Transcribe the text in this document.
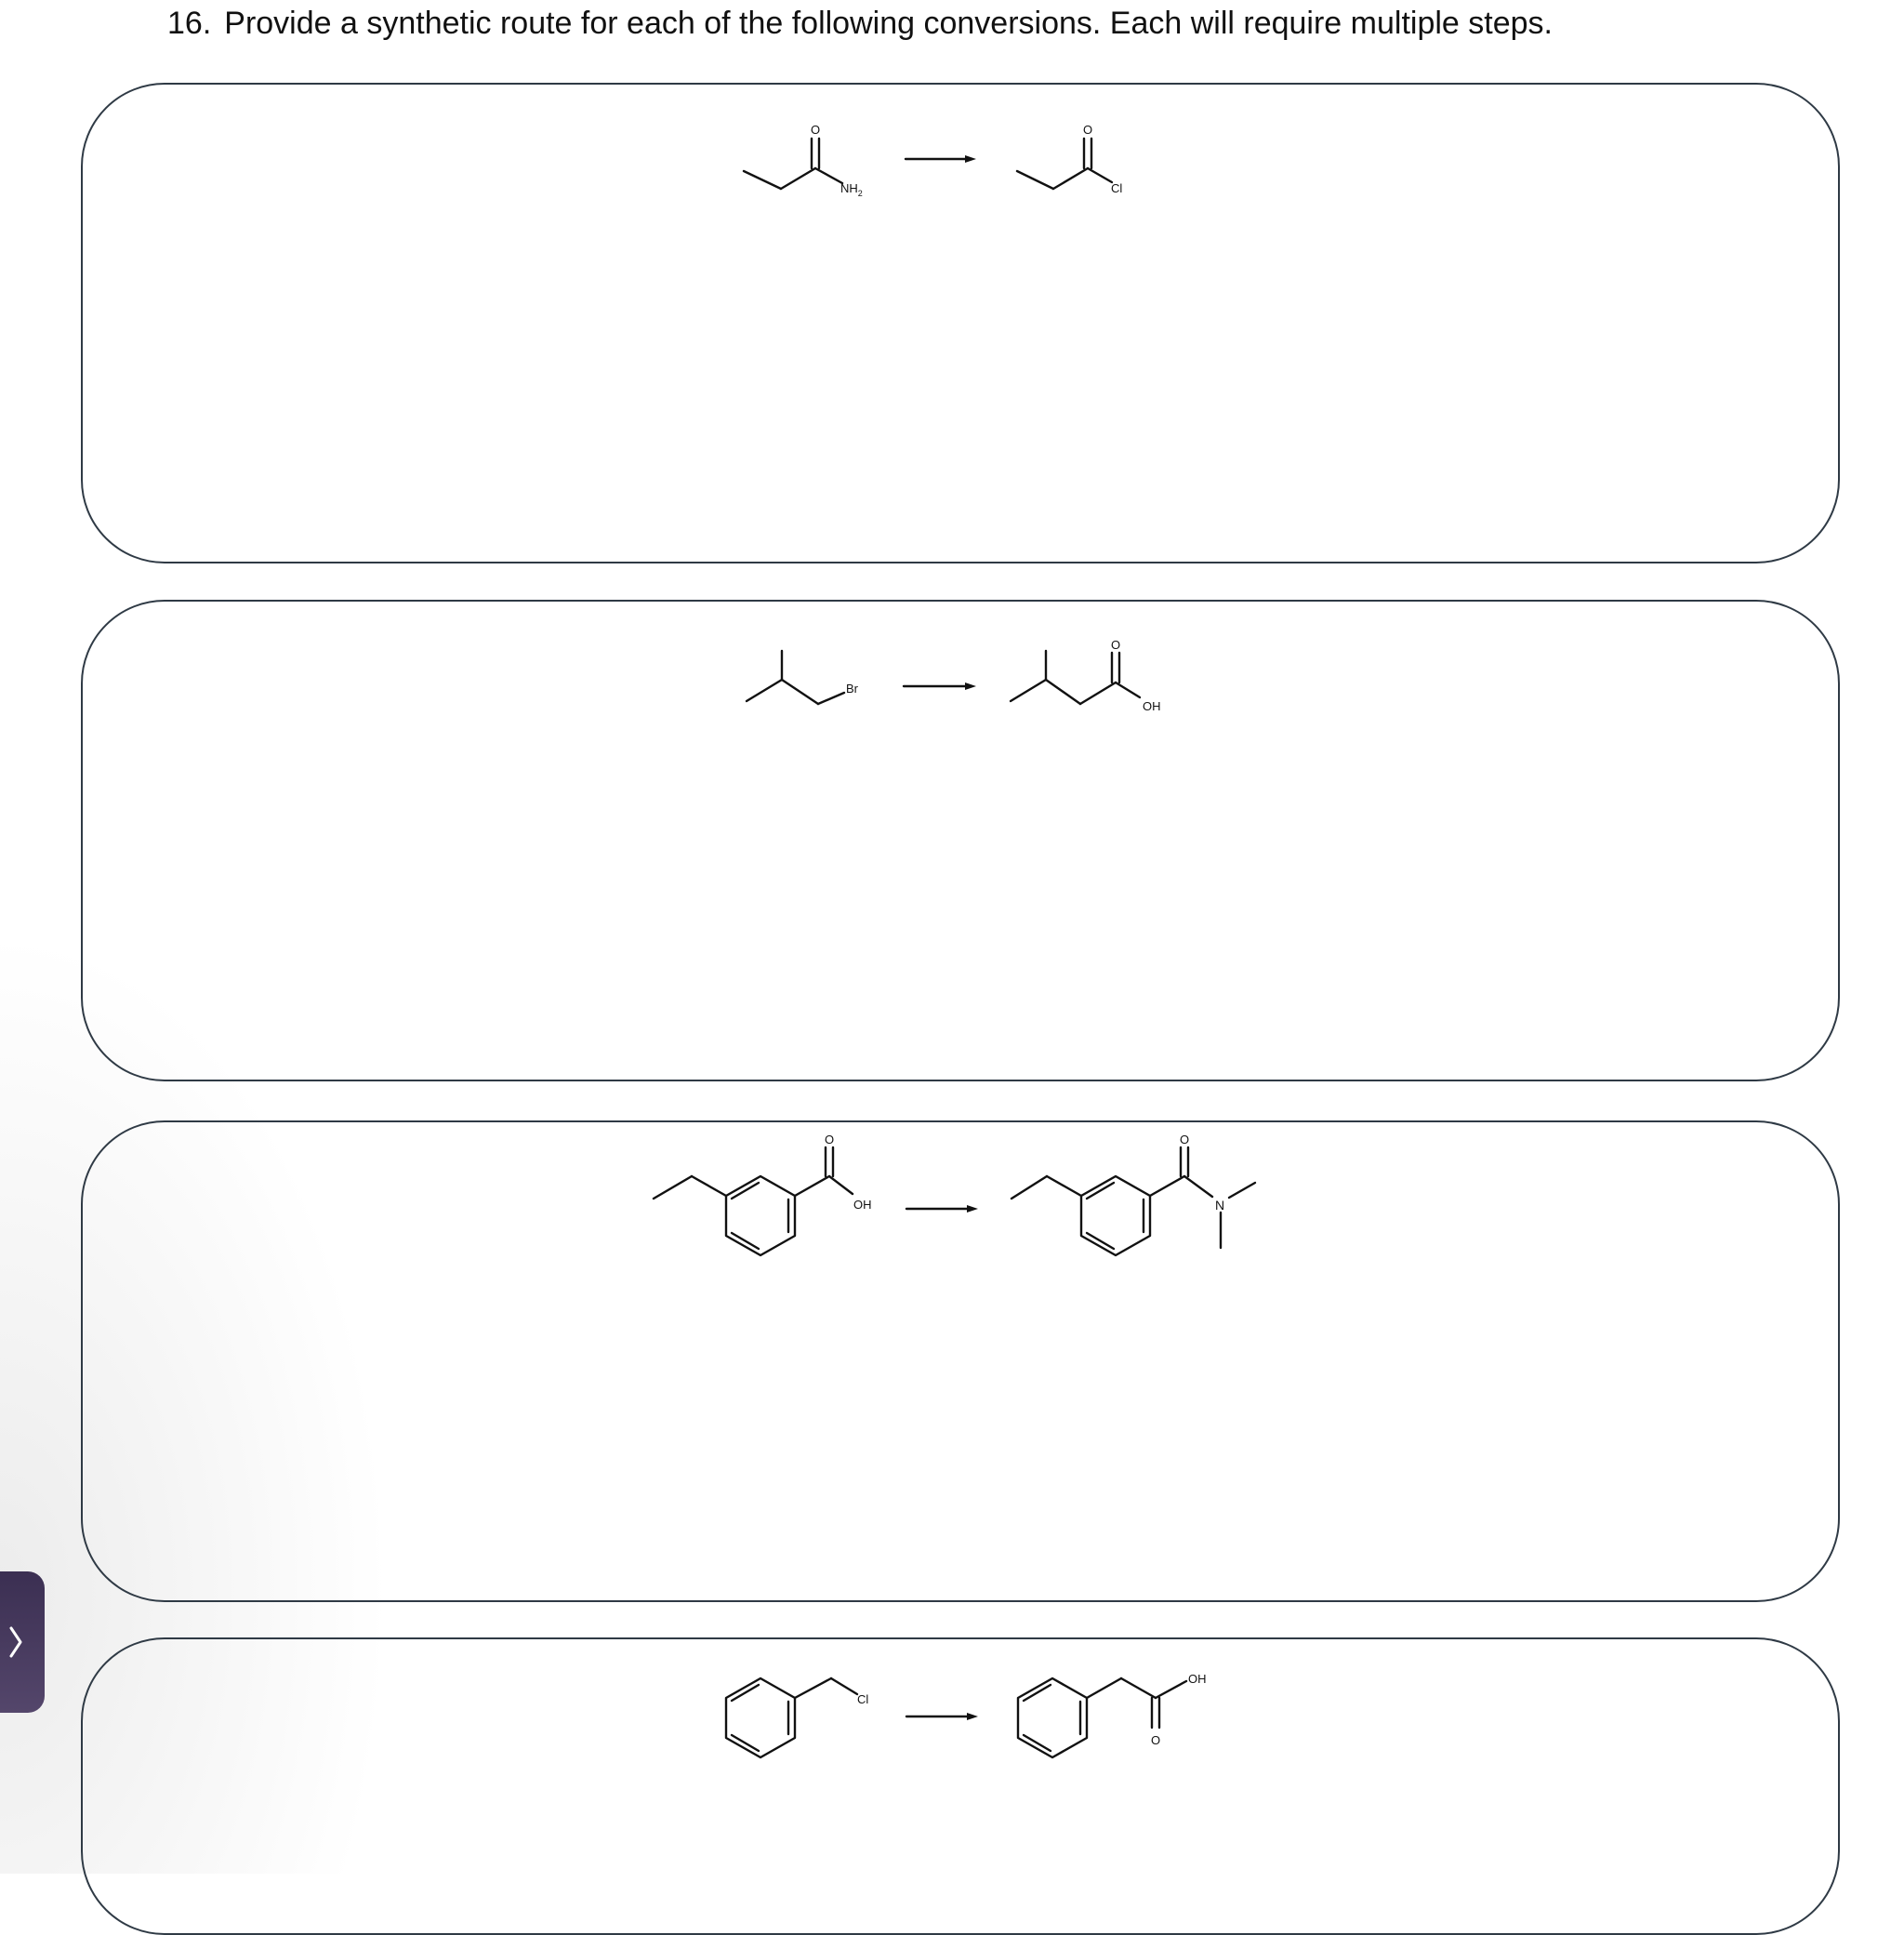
16. Provide a synthetic route for each of the following conversions. Each will require multiple steps.
O
$NH_2$
O
Cl
Br
O
OH
O
OH
O
N
Cl
OH
O
